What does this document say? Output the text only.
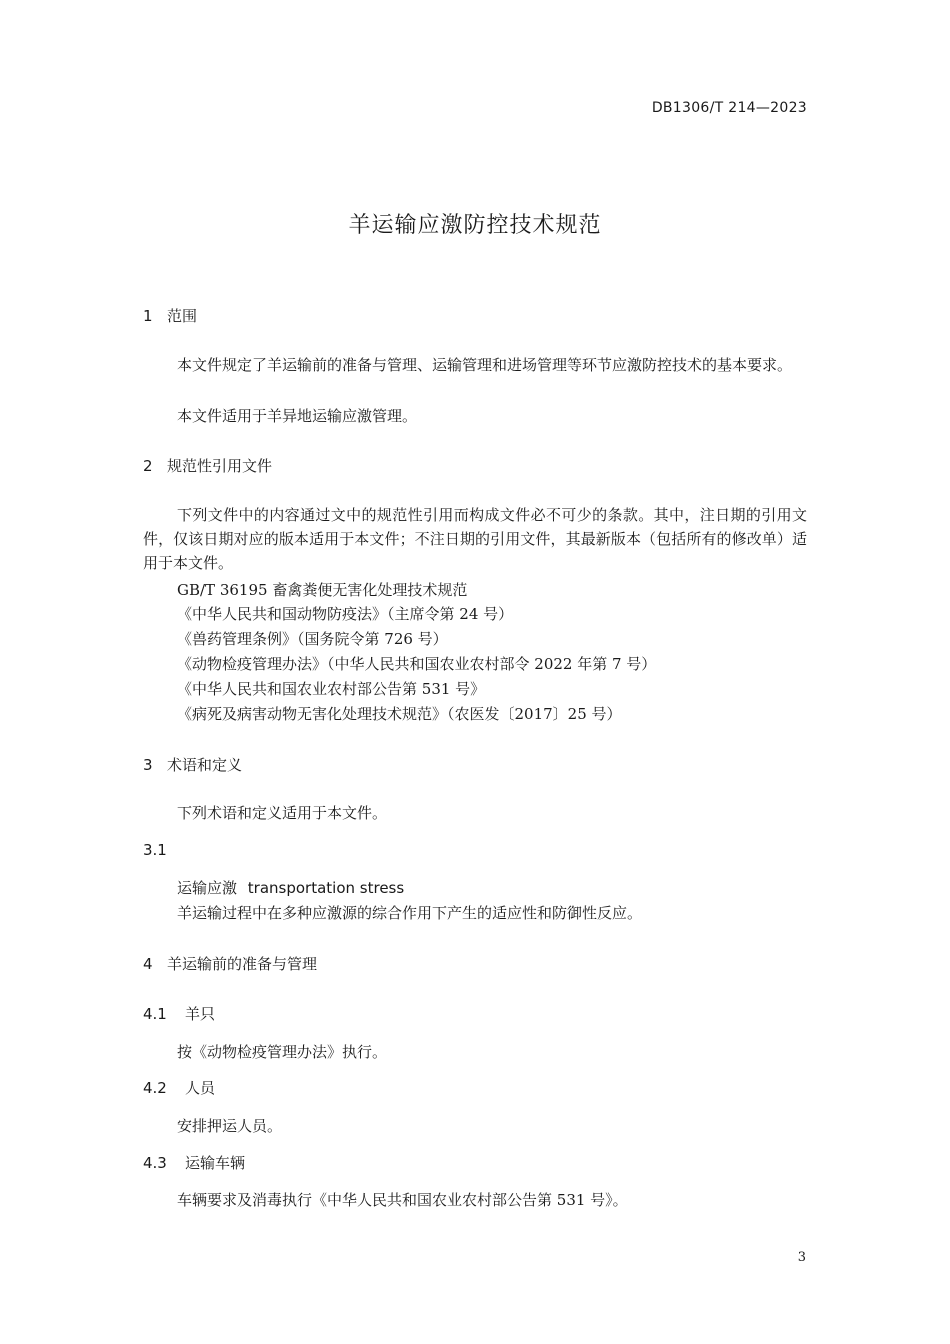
DB1306/T 214—2023
羊运输应激防控技术规范
1 范围
本文件规定了羊运输前的准备与管理、运输管理和进场管理等环节应激防控技术的基本要求。
本文件适用于羊异地运输应激管理。
2 规范性引用文件
下列文件中的内容通过文中的规范性引用而构成文件必不可少的条款。其中，注日期的引用文件，仅该日期对应的版本适用于本文件；不注日期的引用文件，其最新版本（包括所有的修改单）适用于本文件。
GB/T 36195 畜禽粪便无害化处理技术规范
《中华人民共和国动物防疫法》（主席令第 24 号）
《兽药管理条例》（国务院令第 726 号）
《动物检疫管理办法》（中华人民共和国农业农村部令 2022 年第 7 号）
《中华人民共和国农业农村部公告第 531 号》
《病死及病害动物无害化处理技术规范》（农医发〔2017〕25 号）
3 术语和定义
下列术语和定义适用于本文件。
3.1
运输应激 transportation stress
羊运输过程中在多种应激源的综合作用下产生的适应性和防御性反应。
4 羊运输前的准备与管理
4.1 羊只
按《动物检疫管理办法》执行。
4.2 人员
安排押运人员。
4.3 运输车辆
车辆要求及消毒执行《中华人民共和国农业农村部公告第 531 号》。
3
